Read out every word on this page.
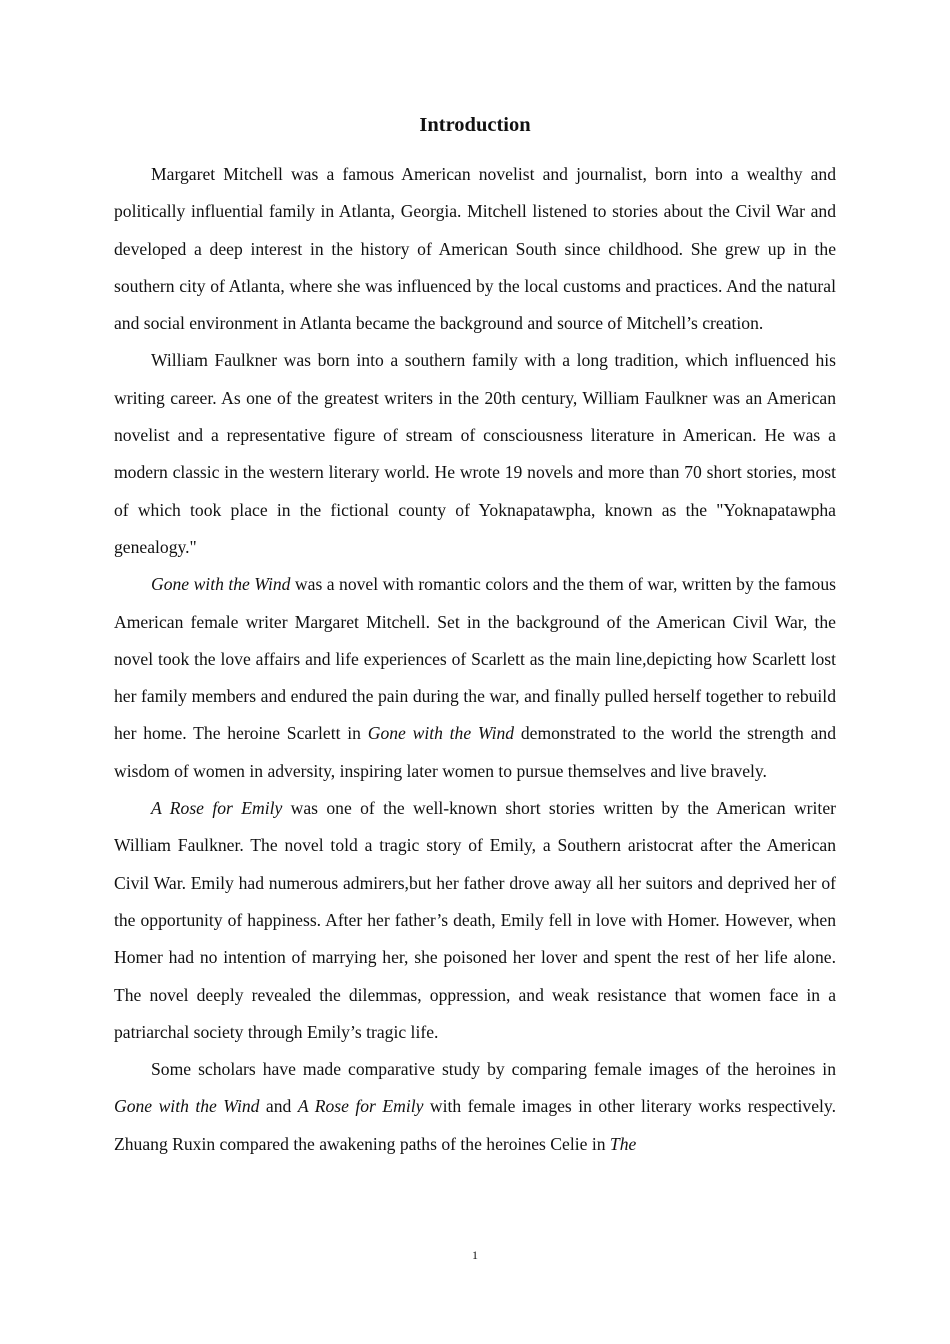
Introduction

Margaret Mitchell was a famous American novelist and journalist, born into a wealthy and politically influential family in Atlanta, Georgia. Mitchell listened to stories about the Civil War and developed a deep interest in the history of American South since childhood. She grew up in the southern city of Atlanta, where she was influenced by the local customs and practices. And the natural and social environment in Atlanta became the background and source of Mitchell’s creation.

William Faulkner was born into a southern family with a long tradition, which influenced his writing career. As one of the greatest writers in the 20th century, William Faulkner was an American novelist and a representative figure of stream of consciousness literature in American. He was a modern classic in the western literary world. He wrote 19 novels and more than 70 short stories, most of which took place in the fictional county of Yoknapatawpha, known as the "Yoknapatawpha genealogy."

Gone with the Wind was a novel with romantic colors and the them of war, written by the famous American female writer Margaret Mitchell. Set in the background of the American Civil War, the novel took the love affairs and life experiences of Scarlett as the main line,depicting how Scarlett lost her family members and endured the pain during the war, and finally pulled herself together to rebuild her home. The heroine Scarlett in Gone with the Wind demonstrated to the world the strength and wisdom of women in adversity, inspiring later women to pursue themselves and live bravely.

A Rose for Emily was one of the well-known short stories written by the American writer William Faulkner. The novel told a tragic story of Emily, a Southern aristocrat after the American Civil War. Emily had numerous admirers,but her father drove away all her suitors and deprived her of the opportunity of happiness. After her father’s death, Emily fell in love with Homer. However, when Homer had no intention of marrying her, she poisoned her lover and spent the rest of her life alone. The novel deeply revealed the dilemmas, oppression, and weak resistance that women face in a patriarchal society through Emily’s tragic life.

Some scholars have made comparative study by comparing female images of the heroines in Gone with the Wind and A Rose for Emily with female images in other literary works respectively. Zhuang Ruxin compared the awakening paths of the heroines Celie in The

1
